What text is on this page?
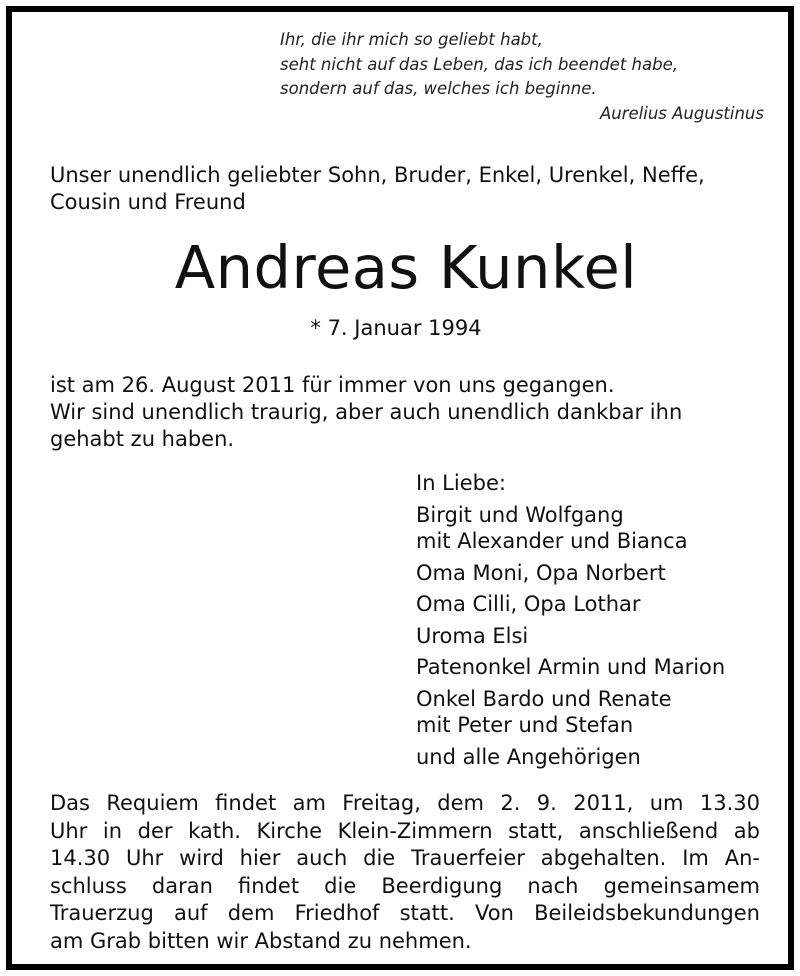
Ihr, die ihr mich so geliebt habt,
seht nicht auf das Leben, das ich beendet habe,
sondern auf das, welches ich beginne.
Aurelius Augustinus
Unser unendlich geliebter Sohn, Bruder, Enkel, Urenkel, Neffe,
Cousin und Freund
Andreas Kunkel
* 7. Januar 1994
ist am 26. August 2011 für immer von uns gegangen.
Wir sind unendlich traurig, aber auch unendlich dankbar ihn
gehabt zu haben.
In Liebe:
Birgit und Wolfgang
mit Alexander und Bianca
Oma Moni, Opa Norbert
Oma Cilli, Opa Lothar
Uroma Elsi
Patenonkel Armin und Marion
Onkel Bardo und Renate
mit Peter und Stefan
und alle Angehörigen
Das Requiem findet am Freitag, dem 2. 9. 2011, um 13.30
Uhr in der kath. Kirche Klein-Zimmern statt, anschließend ab
14.30 Uhr wird hier auch die Trauerfeier abgehalten. Im An-
schluss daran findet die Beerdigung nach gemeinsamem
Trauerzug auf dem Friedhof statt. Von Beileidsbekundungen
am Grab bitten wir Abstand zu nehmen.
